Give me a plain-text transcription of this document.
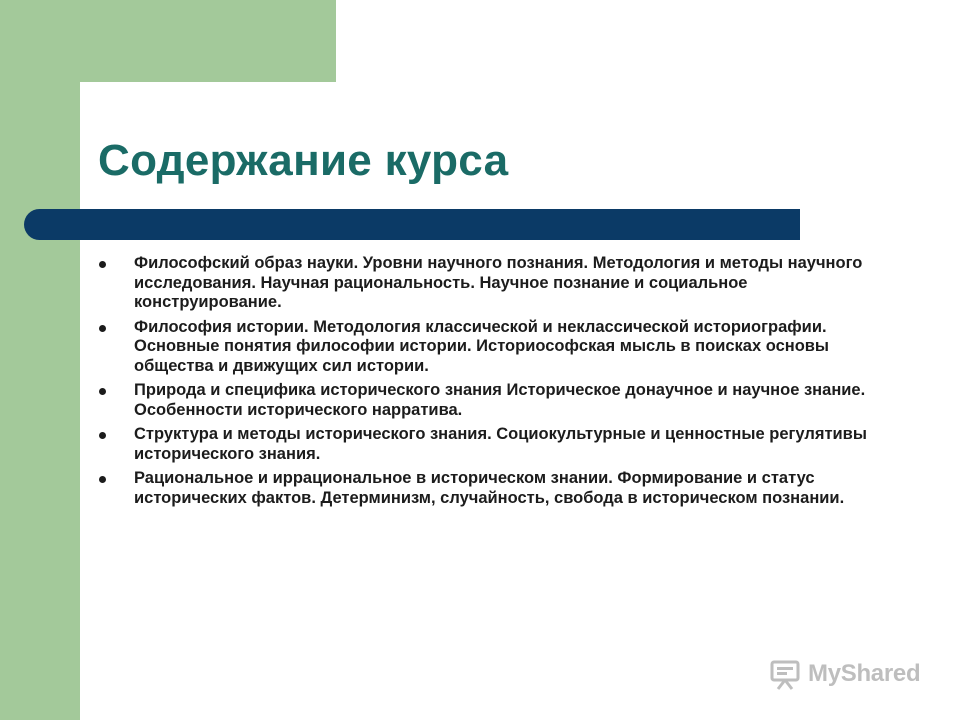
Содержание курса
Философский образ науки. Уровни научного познания. Методология и методы научного исследования. Научная рациональность. Научное познание и социальное конструирование.
Философия истории. Методология классической и неклассической историографии. Основные понятия философии истории. Историософская мысль в поисках основы общества и движущих сил истории.
Природа и специфика исторического знания Историческое донаучное и научное знание. Особенности исторического нарратива.
Структура и методы исторического знания. Социокультурные и ценностные регулятивы исторического знания.
Рациональное и иррациональное в историческом знании. Формирование и статус исторических фактов. Детерминизм, случайность, свобода в историческом познании.
MyShared
